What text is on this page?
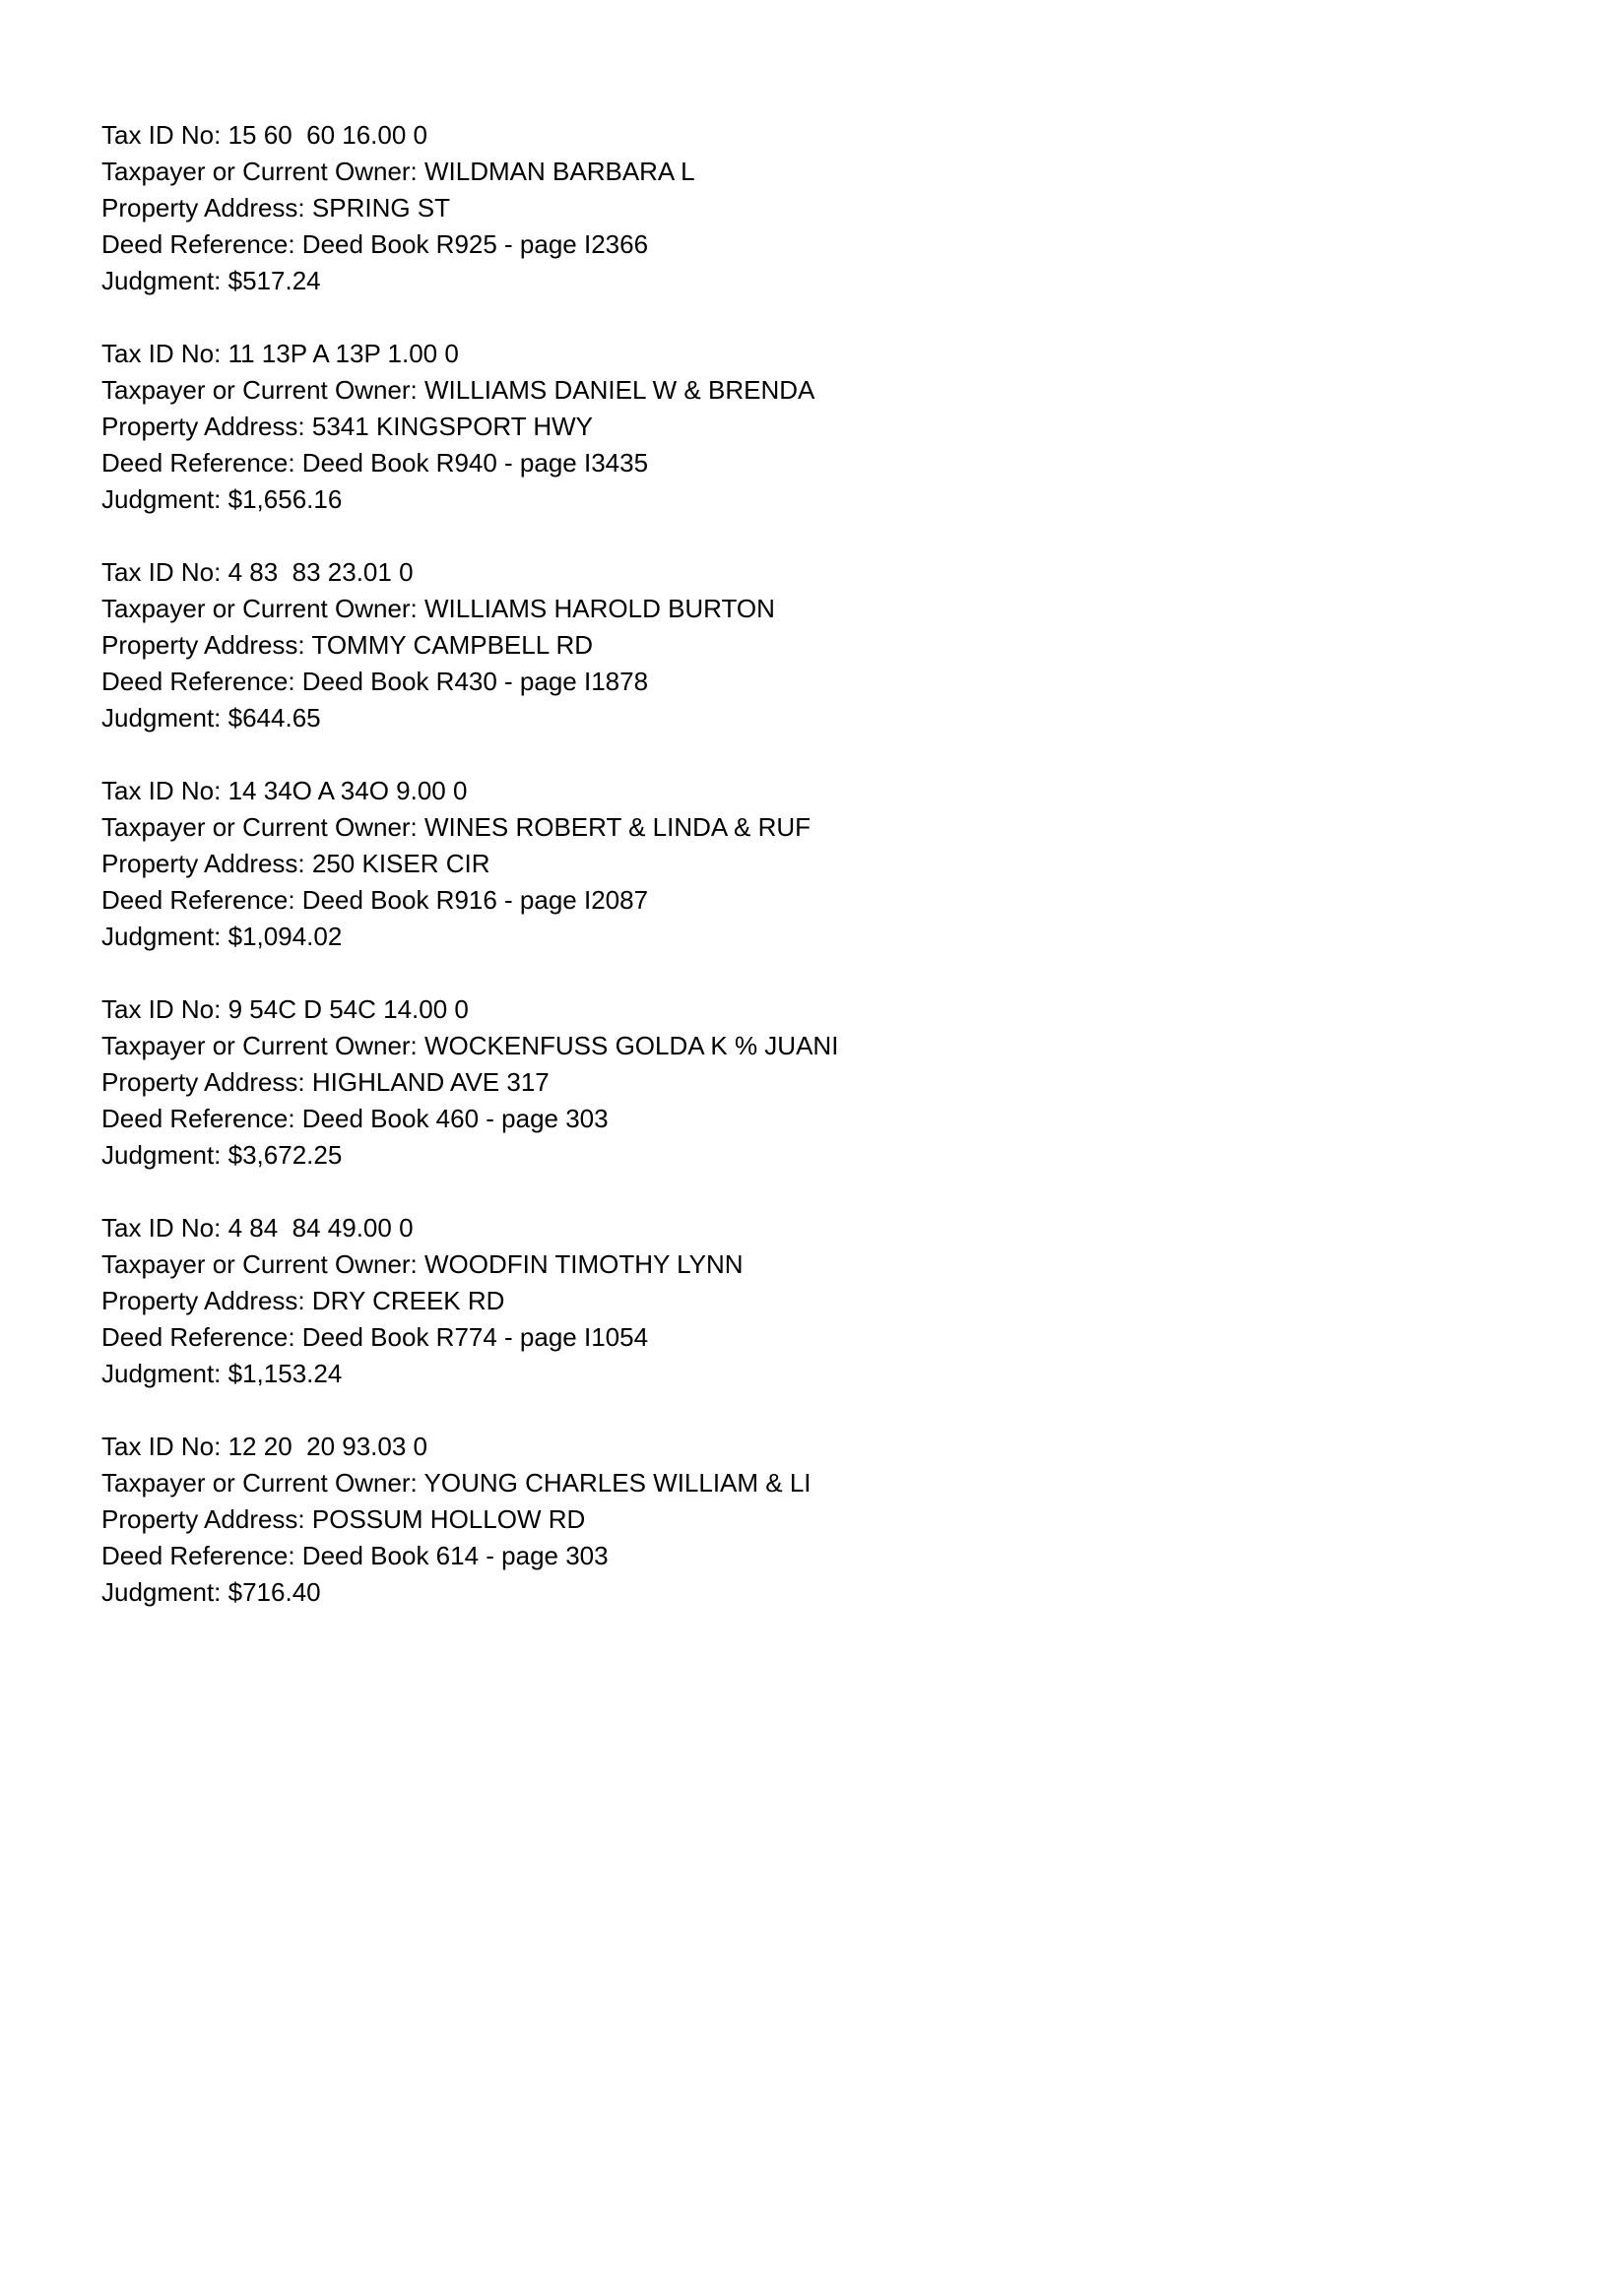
Tax ID No: 15 60  60 16.00 0
Taxpayer or Current Owner: WILDMAN BARBARA L
Property Address: SPRING ST
Deed Reference: Deed Book R925 - page I2366
Judgment: $517.24
Tax ID No: 11 13P A 13P 1.00 0
Taxpayer or Current Owner: WILLIAMS DANIEL W & BRENDA
Property Address: 5341 KINGSPORT HWY
Deed Reference: Deed Book R940 - page I3435
Judgment: $1,656.16
Tax ID No: 4 83  83 23.01 0
Taxpayer or Current Owner: WILLIAMS HAROLD BURTON
Property Address: TOMMY CAMPBELL RD
Deed Reference: Deed Book R430 - page I1878
Judgment: $644.65
Tax ID No: 14 34O A 34O 9.00 0
Taxpayer or Current Owner: WINES ROBERT & LINDA & RUF
Property Address: 250 KISER CIR
Deed Reference: Deed Book R916 - page I2087
Judgment: $1,094.02
Tax ID No: 9 54C D 54C 14.00 0
Taxpayer or Current Owner: WOCKENFUSS GOLDA K % JUANI
Property Address: HIGHLAND AVE 317
Deed Reference: Deed Book 460 - page 303
Judgment: $3,672.25
Tax ID No: 4 84  84 49.00 0
Taxpayer or Current Owner: WOODFIN TIMOTHY LYNN
Property Address: DRY CREEK RD
Deed Reference: Deed Book R774 - page I1054
Judgment: $1,153.24
Tax ID No: 12 20  20 93.03 0
Taxpayer or Current Owner: YOUNG CHARLES WILLIAM & LI
Property Address: POSSUM HOLLOW RD
Deed Reference: Deed Book 614 - page 303
Judgment: $716.40
